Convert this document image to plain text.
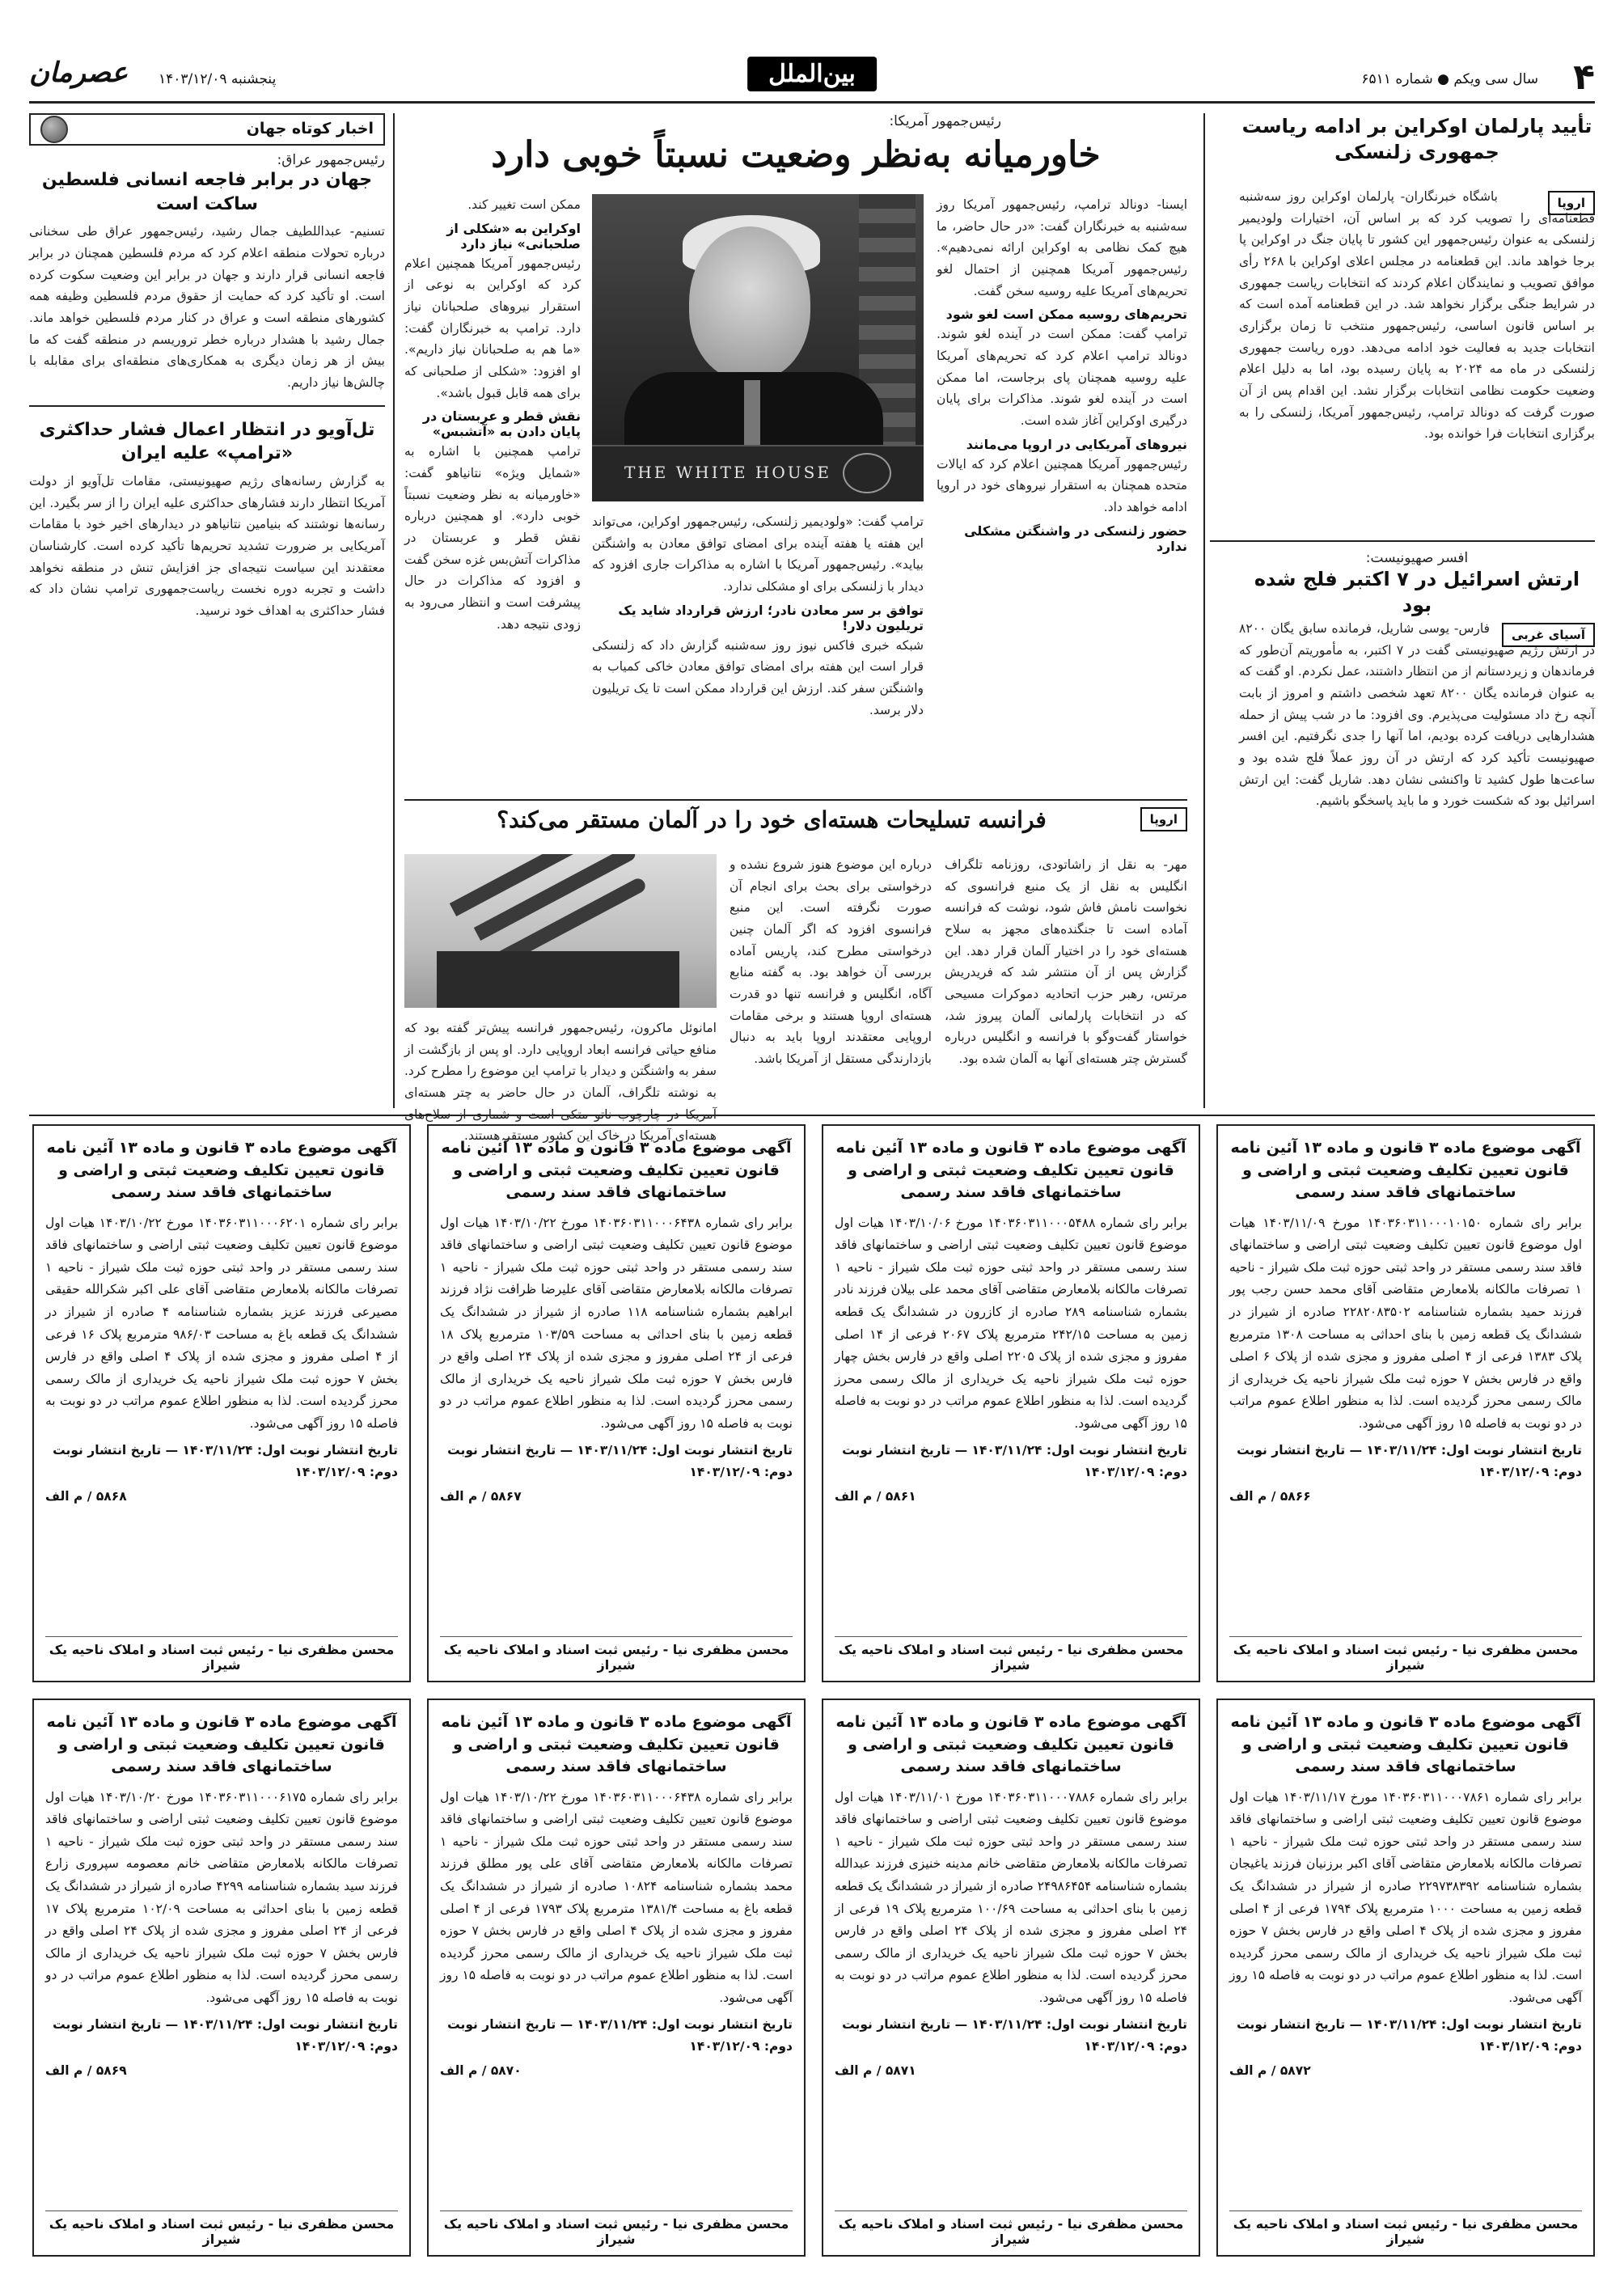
۴
سال سی ویکم ● شماره ۶۵۱۱
بین‌الملل
پنجشنبه ۱۴۰۳/۱۲/۰۹
عصرمان
تأیید پارلمان اوکراین بر ادامه ریاست جمهوری زلنسکی
اروپا
باشگاه خبرنگاران- پارلمان اوکراین روز سه‌شنبه قطعنامه‌ای را تصویب کرد که بر اساس آن، اختیارات ولودیمیر زلنسکی به عنوان رئیس‌جمهور این کشور تا پایان جنگ در اوکراین پا برجا خواهد ماند. این قطعنامه در مجلس اعلای اوکراین با ۲۶۸ رأی موافق تصویب و نمایندگان اعلام کردند که انتخابات ریاست جمهوری در شرایط جنگی برگزار نخواهد شد. در این قطعنامه آمده است که بر اساس قانون اساسی، رئیس‌جمهور منتخب تا زمان برگزاری انتخابات جدید به فعالیت خود ادامه می‌دهد. دوره ریاست جمهوری زلنسکی در ماه مه ۲۰۲۴ به پایان رسیده بود، اما به دلیل اعلام وضعیت حکومت نظامی انتخابات برگزار نشد. این اقدام پس از آن صورت گرفت که دونالد ترامپ، رئیس‌جمهور آمریکا، زلنسکی را به برگزاری انتخابات فرا خوانده بود.
افسر صهیونیست:
ارتش اسرائیل در ۷ اکتبر فلج شده بود
آسیای غربی
فارس- یوسی شاریل، فرمانده سابق یگان ۸۲۰۰ در ارتش رژیم صهیونیستی گفت در ۷ اکتبر، به مأموریتم آن‌طور که فرماندهان و زیردستانم از من انتظار داشتند، عمل نکردم. او گفت که به عنوان فرمانده یگان ۸۲۰۰ تعهد شخصی داشتم و امروز از بابت آنچه رخ داد مسئولیت می‌پذیرم. وی افزود: ما در شب پیش از حمله هشدارهایی دریافت کرده بودیم، اما آنها را جدی نگرفتیم. این افسر صهیونیست تأکید کرد که ارتش در آن روز عملاً فلج شده بود و ساعت‌ها طول کشید تا واکنشی نشان دهد. شاریل گفت: این ارتش اسرائیل بود که شکست خورد و ما باید پاسخگو باشیم.
رئیس‌جمهور آمریکا:
خاورمیانه به‌نظر وضعیت نسبتاً خوبی دارد
ایسنا- دونالد ترامپ، رئیس‌جمهور آمریکا روز سه‌شنبه به خبرنگاران گفت: «در حال حاضر، ما هیچ کمک نظامی به اوکراین ارائه نمی‌دهیم». رئیس‌جمهور آمریکا همچنین از احتمال لغو تحریم‌های آمریکا علیه روسیه سخن گفت.
تحریم‌های روسیه ممکن است لغو شود
ترامپ گفت: ممکن است در آینده لغو شوند. دونالد ترامپ اعلام کرد که تحریم‌های آمریکا علیه روسیه همچنان پای برجاست، اما ممکن است در آینده لغو شوند. مذاکرات برای پایان درگیری اوکراین آغاز شده است.
نیروهای آمریکایی در اروپا می‌مانند
رئیس‌جمهور آمریکا همچنین اعلام کرد که ایالات متحده همچنان به استقرار نیروهای خود در اروپا ادامه خواهد داد.
حضور زلنسکی در واشنگتن مشکلی ندارد
THE WHITE HOUSE
ترامپ گفت: «ولودیمیر زلنسکی، رئیس‌جمهور اوکراین، می‌تواند این هفته یا هفته آینده برای امضای توافق معادن به واشنگتن بیاید». رئیس‌جمهور آمریکا با اشاره به مذاکرات جاری افزود که دیدار با زلنسکی برای او مشکلی ندارد.
توافق بر سر معادن نادر؛ ارزش قرارداد شاید یک تریلیون دلار!
شبکه خبری فاکس نیوز روز سه‌شنبه گزارش داد که زلنسکی قرار است این هفته برای امضای توافق معادن خاکی کمیاب به واشنگتن سفر کند. ارزش این قرارداد ممکن است تا یک تریلیون دلار برسد.
ممکن است تغییر کند.
اوکراین به «شکلی از صلحبانی» نیاز دارد
رئیس‌جمهور آمریکا همچنین اعلام کرد که اوکراین به نوعی از استقرار نیروهای صلحبانان نیاز دارد. ترامپ به خبرنگاران گفت: «ما هم به صلحبانان نیاز داریم». او افزود: «شکلی از صلحبانی که برای همه قابل قبول باشد».
نقش قطر و عربستان در پایان دادن به «آتشبس»
ترامپ همچنین با اشاره به «شمایل ویژه» نتانیاهو گفت: «خاورمیانه به نظر وضعیت نسبتاً خوبی دارد». او همچنین درباره نقش قطر و عربستان در مذاکرات آتش‌بس غزه سخن گفت و افزود که مذاکرات در حال پیشرفت است و انتظار می‌رود به زودی نتیجه دهد.
اخبار کوتاه جهان
رئیس‌جمهور عراق:
جهان در برابر فاجعه انسانی فلسطین ساکت است
تسنیم- عبداللطیف جمال رشید، رئیس‌جمهور عراق طی سخنانی درباره تحولات منطقه اعلام کرد که مردم فلسطین همچنان در برابر فاجعه انسانی قرار دارند و جهان در برابر این وضعیت سکوت کرده است. او تأکید کرد که حمایت از حقوق مردم فلسطین وظیفه همه کشورهای منطقه است و عراق در کنار مردم فلسطین خواهد ماند. جمال رشید با هشدار درباره خطر تروریسم در منطقه گفت که ما بیش از هر زمان دیگری به همکاری‌های منطقه‌ای برای مقابله با چالش‌ها نیاز داریم.
تل‌آویو در انتظار اعمال فشار حداکثری «ترامپ» علیه ایران
به گزارش رسانه‌های رژیم صهیونیستی، مقامات تل‌آویو از دولت آمریکا انتظار دارند فشارهای حداکثری علیه ایران را از سر بگیرد. این رسانه‌ها نوشتند که بنیامین نتانیاهو در دیدارهای اخیر خود با مقامات آمریکایی بر ضرورت تشدید تحریم‌ها تأکید کرده است. کارشناسان معتقدند این سیاست نتیجه‌ای جز افزایش تنش در منطقه نخواهد داشت و تجربه دوره نخست ریاست‌جمهوری ترامپ نشان داد که فشار حداکثری به اهداف خود نرسید.
اروپا
فرانسه تسلیحات هسته‌ای خود را در آلمان مستقر می‌کند؟
مهر- به نقل از راشاتودی، روزنامه تلگراف انگلیس به نقل از یک منبع فرانسوی که نخواست نامش فاش شود، نوشت که فرانسه آماده است تا جنگنده‌های مجهز به سلاح هسته‌ای خود را در اختیار آلمان قرار دهد. این گزارش پس از آن منتشر شد که فریدریش مرتس، رهبر حزب اتحادیه دموکرات مسیحی که در انتخابات پارلمانی آلمان پیروز شد، خواستار گفت‌وگو با فرانسه و انگلیس درباره گسترش چتر هسته‌ای آنها به آلمان شده بود.
درباره این موضوع هنوز شروع نشده و درخواستی برای بحث برای انجام آن صورت نگرفته است. این منبع فرانسوی افزود که اگر آلمان چنین درخواستی مطرح کند، پاریس آماده بررسی آن خواهد بود. به گفته منابع آگاه، انگلیس و فرانسه تنها دو قدرت هسته‌ای اروپا هستند و برخی مقامات اروپایی معتقدند اروپا باید به دنبال بازدارندگی مستقل از آمریکا باشد.
امانوئل ماکرون، رئیس‌جمهور فرانسه پیش‌تر گفته بود که منافع حیاتی فرانسه ابعاد اروپایی دارد. او پس از بازگشت از سفر به واشنگتن و دیدار با ترامپ این موضوع را مطرح کرد. به نوشته تلگراف، آلمان در حال حاضر به چتر هسته‌ای آمریکا در چارچوب ناتو متکی است و شماری از سلاح‌های هسته‌ای آمریکا در خاک این کشور مستقر هستند.
آگهی موضوع ماده ۳ قانون و ماده ۱۳ آئین نامه قانون تعیین تکلیف وضعیت ثبتی و اراضی و ساختمانهای فاقد سند رسمی
برابر رای شماره ۱۴۰۳۶۰۳۱۱۰۰۰۱۰۱۵۰ مورخ ۱۴۰۳/۱۱/۰۹ هیات اول موضوع قانون تعیین تکلیف وضعیت ثبتی اراضی و ساختمانهای فاقد سند رسمی مستقر در واحد ثبتی حوزه ثبت ملک شیراز - ناحیه ۱ تصرفات مالکانه بلامعارض متقاضی آقای محمد حسن رجب پور فرزند حمید بشماره شناسنامه ۲۲۸۲۰۸۳۵۰۲ صادره از شیراز در ششدانگ یک قطعه زمین با بنای احداثی به مساحت ۱۳۰۸ مترمربع پلاک ۱۳۸۳ فرعی از ۴ اصلی مفروز و مجزی شده از پلاک ۶ اصلی واقع در فارس بخش ۷ حوزه ثبت ملک شیراز ناحیه یک خریداری از مالک رسمی محرز گردیده است. لذا به منظور اطلاع عموم مراتب در دو نوبت به فاصله ۱۵ روز آگهی می‌شود.
تاریخ انتشار نوبت اول: ۱۴۰۳/۱۱/۲۴ — تاریخ انتشار نوبت دوم: ۱۴۰۳/۱۲/۰۹
۵۸۶۶ / م الف
محسن مظفری نیا - رئیس ثبت اسناد و املاک ناحیه یک شیراز
آگهی موضوع ماده ۳ قانون و ماده ۱۳ آئین نامه قانون تعیین تکلیف وضعیت ثبتی و اراضی و ساختمانهای فاقد سند رسمی
برابر رای شماره ۱۴۰۳۶۰۳۱۱۰۰۰۵۴۸۸ مورخ ۱۴۰۳/۱۰/۰۶ هیات اول موضوع قانون تعیین تکلیف وضعیت ثبتی اراضی و ساختمانهای فاقد سند رسمی مستقر در واحد ثبتی حوزه ثبت ملک شیراز - ناحیه ۱ تصرفات مالکانه بلامعارض متقاضی آقای محمد علی بیلان فرزند نادر بشماره شناسنامه ۲۸۹ صادره از کازرون در ششدانگ یک قطعه زمین به مساحت ۲۴۲/۱۵ مترمربع پلاک ۲۰۶۷ فرعی از ۱۴ اصلی مفروز و مجزی شده از پلاک ۲۲۰۵ اصلی واقع در فارس بخش چهار حوزه ثبت ملک شیراز ناحیه یک خریداری از مالک رسمی محرز گردیده است. لذا به منظور اطلاع عموم مراتب در دو نوبت به فاصله ۱۵ روز آگهی می‌شود.
تاریخ انتشار نوبت اول: ۱۴۰۳/۱۱/۲۴ — تاریخ انتشار نوبت دوم: ۱۴۰۳/۱۲/۰۹
۵۸۶۱ / م الف
محسن مظفری نیا - رئیس ثبت اسناد و املاک ناحیه یک شیراز
آگهی موضوع ماده ۳ قانون و ماده ۱۳ آئین نامه قانون تعیین تکلیف وضعیت ثبتی و اراضی و ساختمانهای فاقد سند رسمی
برابر رای شماره ۱۴۰۳۶۰۳۱۱۰۰۰۶۴۳۸ مورخ ۱۴۰۳/۱۰/۲۲ هیات اول موضوع قانون تعیین تکلیف وضعیت ثبتی اراضی و ساختمانهای فاقد سند رسمی مستقر در واحد ثبتی حوزه ثبت ملک شیراز - ناحیه ۱ تصرفات مالکانه بلامعارض متقاضی آقای علیرضا ظرافت نژاد فرزند ابراهیم بشماره شناسنامه ۱۱۸ صادره از شیراز در ششدانگ یک قطعه زمین با بنای احداثی به مساحت ۱۰۳/۵۹ مترمربع پلاک ۱۸ فرعی از ۲۴ اصلی مفروز و مجزی شده از پلاک ۲۴ اصلی واقع در فارس بخش ۷ حوزه ثبت ملک شیراز ناحیه یک خریداری از مالک رسمی محرز گردیده است. لذا به منظور اطلاع عموم مراتب در دو نوبت به فاصله ۱۵ روز آگهی می‌شود.
تاریخ انتشار نوبت اول: ۱۴۰۳/۱۱/۲۴ — تاریخ انتشار نوبت دوم: ۱۴۰۳/۱۲/۰۹
۵۸۶۷ / م الف
محسن مظفری نیا - رئیس ثبت اسناد و املاک ناحیه یک شیراز
آگهی موضوع ماده ۳ قانون و ماده ۱۳ آئین نامه قانون تعیین تکلیف وضعیت ثبتی و اراضی و ساختمانهای فاقد سند رسمی
برابر رای شماره ۱۴۰۳۶۰۳۱۱۰۰۰۶۲۰۱ مورخ ۱۴۰۳/۱۰/۲۲ هیات اول موضوع قانون تعیین تکلیف وضعیت ثبتی اراضی و ساختمانهای فاقد سند رسمی مستقر در واحد ثبتی حوزه ثبت ملک شیراز - ناحیه ۱ تصرفات مالکانه بلامعارض متقاضی آقای علی اکبر شکرالله حقیقی مصیرعی فرزند عزیز بشماره شناسنامه ۴ صادره از شیراز در ششدانگ یک قطعه باغ به مساحت ۹۸۶/۰۳ مترمربع پلاک ۱۶ فرعی از ۴ اصلی مفروز و مجزی شده از پلاک ۴ اصلی واقع در فارس بخش ۷ حوزه ثبت ملک شیراز ناحیه یک خریداری از مالک رسمی محرز گردیده است. لذا به منظور اطلاع عموم مراتب در دو نوبت به فاصله ۱۵ روز آگهی می‌شود.
تاریخ انتشار نوبت اول: ۱۴۰۳/۱۱/۲۴ — تاریخ انتشار نوبت دوم: ۱۴۰۳/۱۲/۰۹
۵۸۶۸ / م الف
محسن مظفری نیا - رئیس ثبت اسناد و املاک ناحیه یک شیراز
آگهی موضوع ماده ۳ قانون و ماده ۱۳ آئین نامه قانون تعیین تکلیف وضعیت ثبتی و اراضی و ساختمانهای فاقد سند رسمی
برابر رای شماره ۱۴۰۳۶۰۳۱۱۰۰۰۷۸۶۱ مورخ ۱۴۰۳/۱۱/۱۷ هیات اول موضوع قانون تعیین تکلیف وضعیت ثبتی اراضی و ساختمانهای فاقد سند رسمی مستقر در واحد ثبتی حوزه ثبت ملک شیراز - ناحیه ۱ تصرفات مالکانه بلامعارض متقاضی آقای اکبر برزنیان فرزند یاغیجان بشماره شناسنامه ۲۲۹۷۳۸۳۹۲ صادره از شیراز در ششدانگ یک قطعه زمین به مساحت ۱۰۰۰ مترمربع پلاک ۱۷۹۴ فرعی از ۴ اصلی مفروز و مجزی شده از پلاک ۴ اصلی واقع در فارس بخش ۷ حوزه ثبت ملک شیراز ناحیه یک خریداری از مالک رسمی محرز گردیده است. لذا به منظور اطلاع عموم مراتب در دو نوبت به فاصله ۱۵ روز آگهی می‌شود.
تاریخ انتشار نوبت اول: ۱۴۰۳/۱۱/۲۴ — تاریخ انتشار نوبت دوم: ۱۴۰۳/۱۲/۰۹
۵۸۷۲ / م الف
محسن مظفری نیا - رئیس ثبت اسناد و املاک ناحیه یک شیراز
آگهی موضوع ماده ۳ قانون و ماده ۱۳ آئین نامه قانون تعیین تکلیف وضعیت ثبتی و اراضی و ساختمانهای فاقد سند رسمی
برابر رای شماره ۱۴۰۳۶۰۳۱۱۰۰۰۷۸۸۶ مورخ ۱۴۰۳/۱۱/۰۱ هیات اول موضوع قانون تعیین تکلیف وضعیت ثبتی اراضی و ساختمانهای فاقد سند رسمی مستقر در واحد ثبتی حوزه ثبت ملک شیراز - ناحیه ۱ تصرفات مالکانه بلامعارض متقاضی خانم مدینه خنیزی فرزند عبدالله بشماره شناسنامه ۲۴۹۸۶۴۵۴ صادره از شیراز در ششدانگ یک قطعه زمین با بنای احداثی به مساحت ۱۰۰/۶۹ مترمربع پلاک ۱۹ فرعی از ۲۴ اصلی مفروز و مجزی شده از پلاک ۲۴ اصلی واقع در فارس بخش ۷ حوزه ثبت ملک شیراز ناحیه یک خریداری از مالک رسمی محرز گردیده است. لذا به منظور اطلاع عموم مراتب در دو نوبت به فاصله ۱۵ روز آگهی می‌شود.
تاریخ انتشار نوبت اول: ۱۴۰۳/۱۱/۲۴ — تاریخ انتشار نوبت دوم: ۱۴۰۳/۱۲/۰۹
۵۸۷۱ / م الف
محسن مظفری نیا - رئیس ثبت اسناد و املاک ناحیه یک شیراز
آگهی موضوع ماده ۳ قانون و ماده ۱۳ آئین نامه قانون تعیین تکلیف وضعیت ثبتی و اراضی و ساختمانهای فاقد سند رسمی
برابر رای شماره ۱۴۰۳۶۰۳۱۱۰۰۰۶۴۳۸ مورخ ۱۴۰۳/۱۰/۲۲ هیات اول موضوع قانون تعیین تکلیف وضعیت ثبتی اراضی و ساختمانهای فاقد سند رسمی مستقر در واحد ثبتی حوزه ثبت ملک شیراز - ناحیه ۱ تصرفات مالکانه بلامعارض متقاضی آقای علی پور مطلق فرزند محمد بشماره شناسنامه ۱۰۸۲۴ صادره از شیراز در ششدانگ یک قطعه باغ به مساحت ۱۳۸۱/۴ مترمربع پلاک ۱۷۹۳ فرعی از ۴ اصلی مفروز و مجزی شده از پلاک ۴ اصلی واقع در فارس بخش ۷ حوزه ثبت ملک شیراز ناحیه یک خریداری از مالک رسمی محرز گردیده است. لذا به منظور اطلاع عموم مراتب در دو نوبت به فاصله ۱۵ روز آگهی می‌شود.
تاریخ انتشار نوبت اول: ۱۴۰۳/۱۱/۲۴ — تاریخ انتشار نوبت دوم: ۱۴۰۳/۱۲/۰۹
۵۸۷۰ / م الف
محسن مظفری نیا - رئیس ثبت اسناد و املاک ناحیه یک شیراز
آگهی موضوع ماده ۳ قانون و ماده ۱۳ آئین نامه قانون تعیین تکلیف وضعیت ثبتی و اراضی و ساختمانهای فاقد سند رسمی
برابر رای شماره ۱۴۰۳۶۰۳۱۱۰۰۰۶۱۷۵ مورخ ۱۴۰۳/۱۰/۲۰ هیات اول موضوع قانون تعیین تکلیف وضعیت ثبتی اراضی و ساختمانهای فاقد سند رسمی مستقر در واحد ثبتی حوزه ثبت ملک شیراز - ناحیه ۱ تصرفات مالکانه بلامعارض متقاضی خانم معصومه سپروری زارع فرزند سید بشماره شناسنامه ۴۲۹۹ صادره از شیراز در ششدانگ یک قطعه زمین با بنای احداثی به مساحت ۱۰۲/۰۹ مترمربع پلاک ۱۷ فرعی از ۲۴ اصلی مفروز و مجزی شده از پلاک ۲۴ اصلی واقع در فارس بخش ۷ حوزه ثبت ملک شیراز ناحیه یک خریداری از مالک رسمی محرز گردیده است. لذا به منظور اطلاع عموم مراتب در دو نوبت به فاصله ۱۵ روز آگهی می‌شود.
تاریخ انتشار نوبت اول: ۱۴۰۳/۱۱/۲۴ — تاریخ انتشار نوبت دوم: ۱۴۰۳/۱۲/۰۹
۵۸۶۹ / م الف
محسن مظفری نیا - رئیس ثبت اسناد و املاک ناحیه یک شیراز
